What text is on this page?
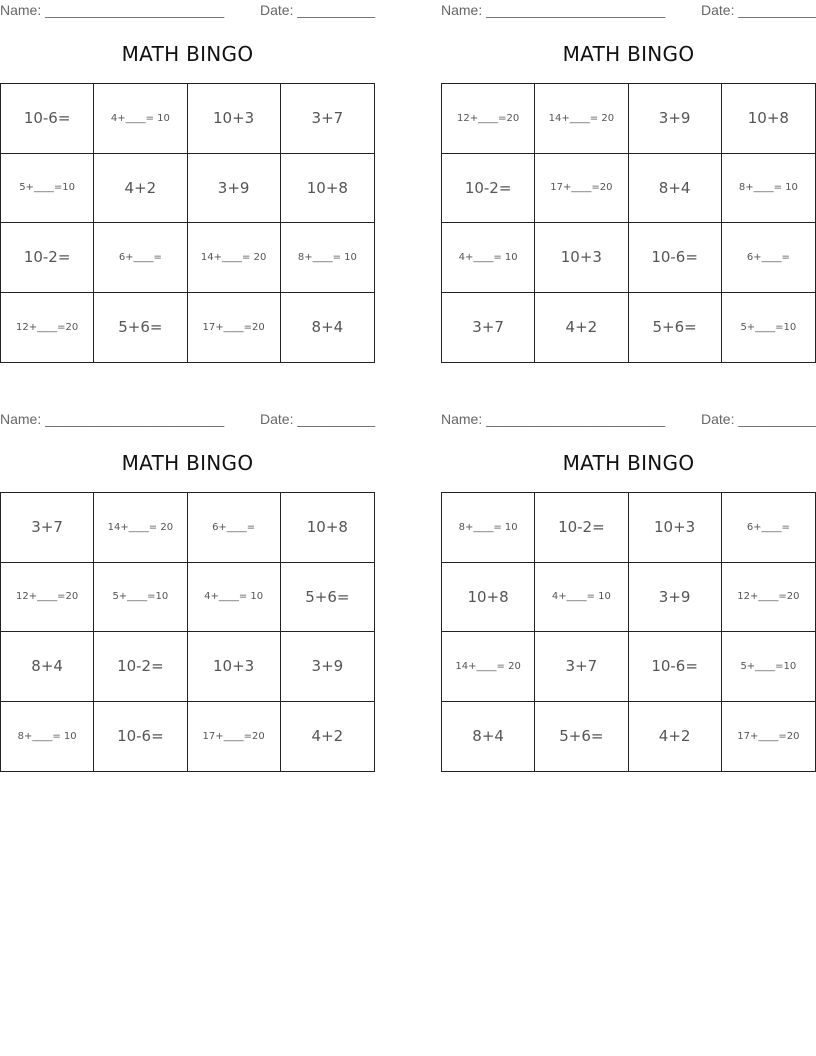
Name: _______________________	Date: __________
MATH BINGO
10-6=	4+____= 10	10+3	3+7
5+____=10	4+2	3+9	10+8
10-2=	6+____=	14+____= 20	8+____= 10
12+____=20	5+6=	17+____=20	8+4
Name: _______________________	Date: __________
MATH BINGO
12+____=20	14+____= 20	3+9	10+8
10-2=	17+____=20	8+4	8+____= 10
4+____= 10	10+3	10-6=	6+____=
3+7	4+2	5+6=	5+____=10
Name: _______________________	Date: __________
MATH BINGO
3+7	14+____= 20	6+____=	10+8
12+____=20	5+____=10	4+____= 10	5+6=
8+4	10-2=	10+3	3+9
8+____= 10	10-6=	17+____=20	4+2
Name: _______________________	Date: __________
MATH BINGO
8+____= 10	10-2=	10+3	6+____=
10+8	4+____= 10	3+9	12+____=20
14+____= 20	3+7	10-6=	5+____=10
8+4	5+6=	4+2	17+____=20
